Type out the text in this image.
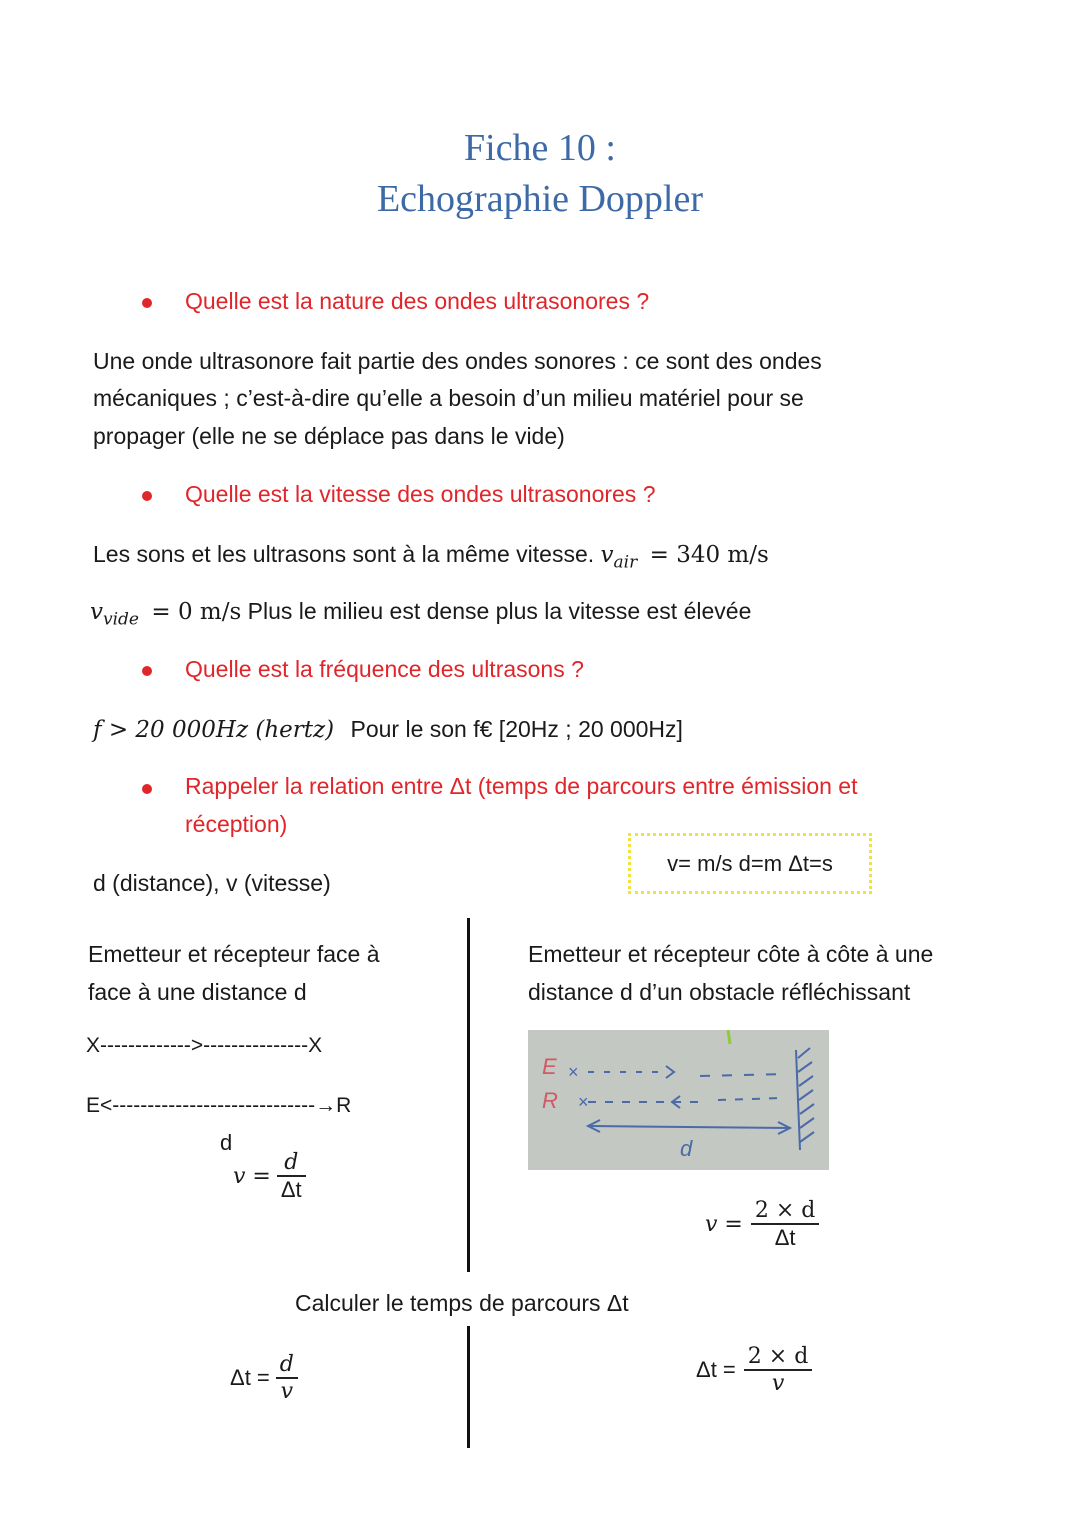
Fiche 10 :
Echographie Doppler
Quelle est la nature des ondes ultrasonores ?
Une onde ultrasonore fait partie des ondes sonores : ce sont des ondes
mécaniques ; c’est-à-dire qu’elle a besoin d’un milieu matériel pour se
propager (elle ne se déplace pas dans le vide)
Quelle est la vitesse des ondes ultrasonores ?
Les sons et les ultrasons sont à la même vitesse. $v_{air} = 340$ m/s
$v_{vide} = 0$ m/s Plus le milieu est dense plus la vitesse est élevée
Quelle est la fréquence des ultrasons ?
f > 20 000Hz (hertz) Pour le son f€ [20Hz ; 20 000Hz]
Rappeler la relation entre Δt (temps de parcours entre émission et
réception)
v= m/s d=m Δt=s
d (distance), v (vitesse)
Emetteur et récepteur face à
face à une distance d
X------------->---------------X
E<-----------------------------→R
d
$v = \frac{d}{\Delta t}$
Emetteur et récepteur côte à côte à une
distance d d’un obstacle réfléchissant
×
×
E
R
d
$v = \frac{2 \times d}{\Delta t}$
Calculer le temps de parcours Δt
$\Delta t = \frac{d}{v}$	$\Delta t = \frac{2 \times d}{v}$
